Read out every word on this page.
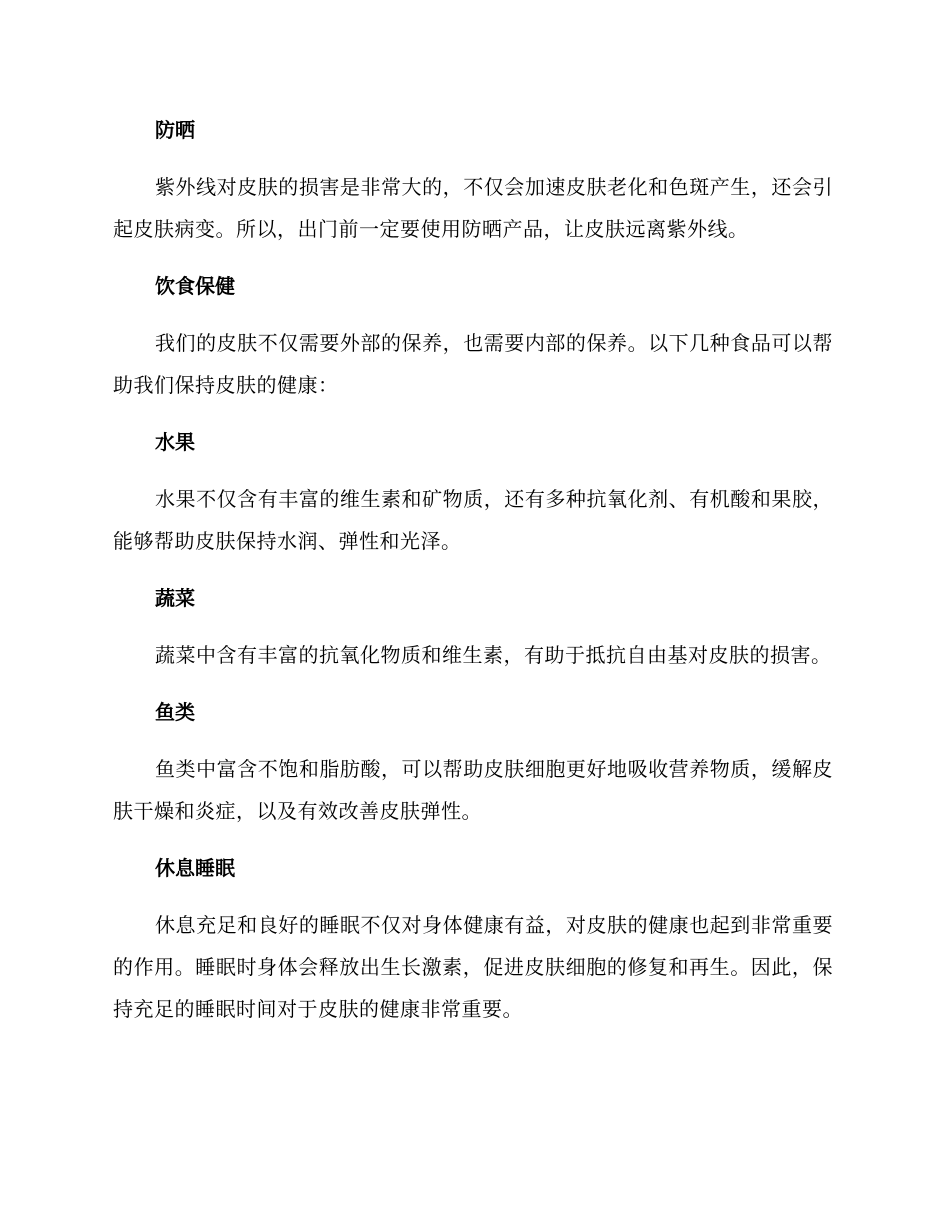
防晒

紫外线对皮肤的损害是非常大的，不仅会加速皮肤老化和色斑产生，还会引起皮肤病变。所以，出门前一定要使用防晒产品，让皮肤远离紫外线。

饮食保健

我们的皮肤不仅需要外部的保养，也需要内部的保养。以下几种食品可以帮助我们保持皮肤的健康：

水果

水果不仅含有丰富的维生素和矿物质，还有多种抗氧化剂、有机酸和果胶，能够帮助皮肤保持水润、弹性和光泽。

蔬菜

蔬菜中含有丰富的抗氧化物质和维生素，有助于抵抗自由基对皮肤的损害。

鱼类

鱼类中富含不饱和脂肪酸，可以帮助皮肤细胞更好地吸收营养物质，缓解皮肤干燥和炎症，以及有效改善皮肤弹性。

休息睡眠

休息充足和良好的睡眠不仅对身体健康有益，对皮肤的健康也起到非常重要的作用。睡眠时身体会释放出生长激素，促进皮肤细胞的修复和再生。因此，保持充足的睡眠时间对于皮肤的健康非常重要。
